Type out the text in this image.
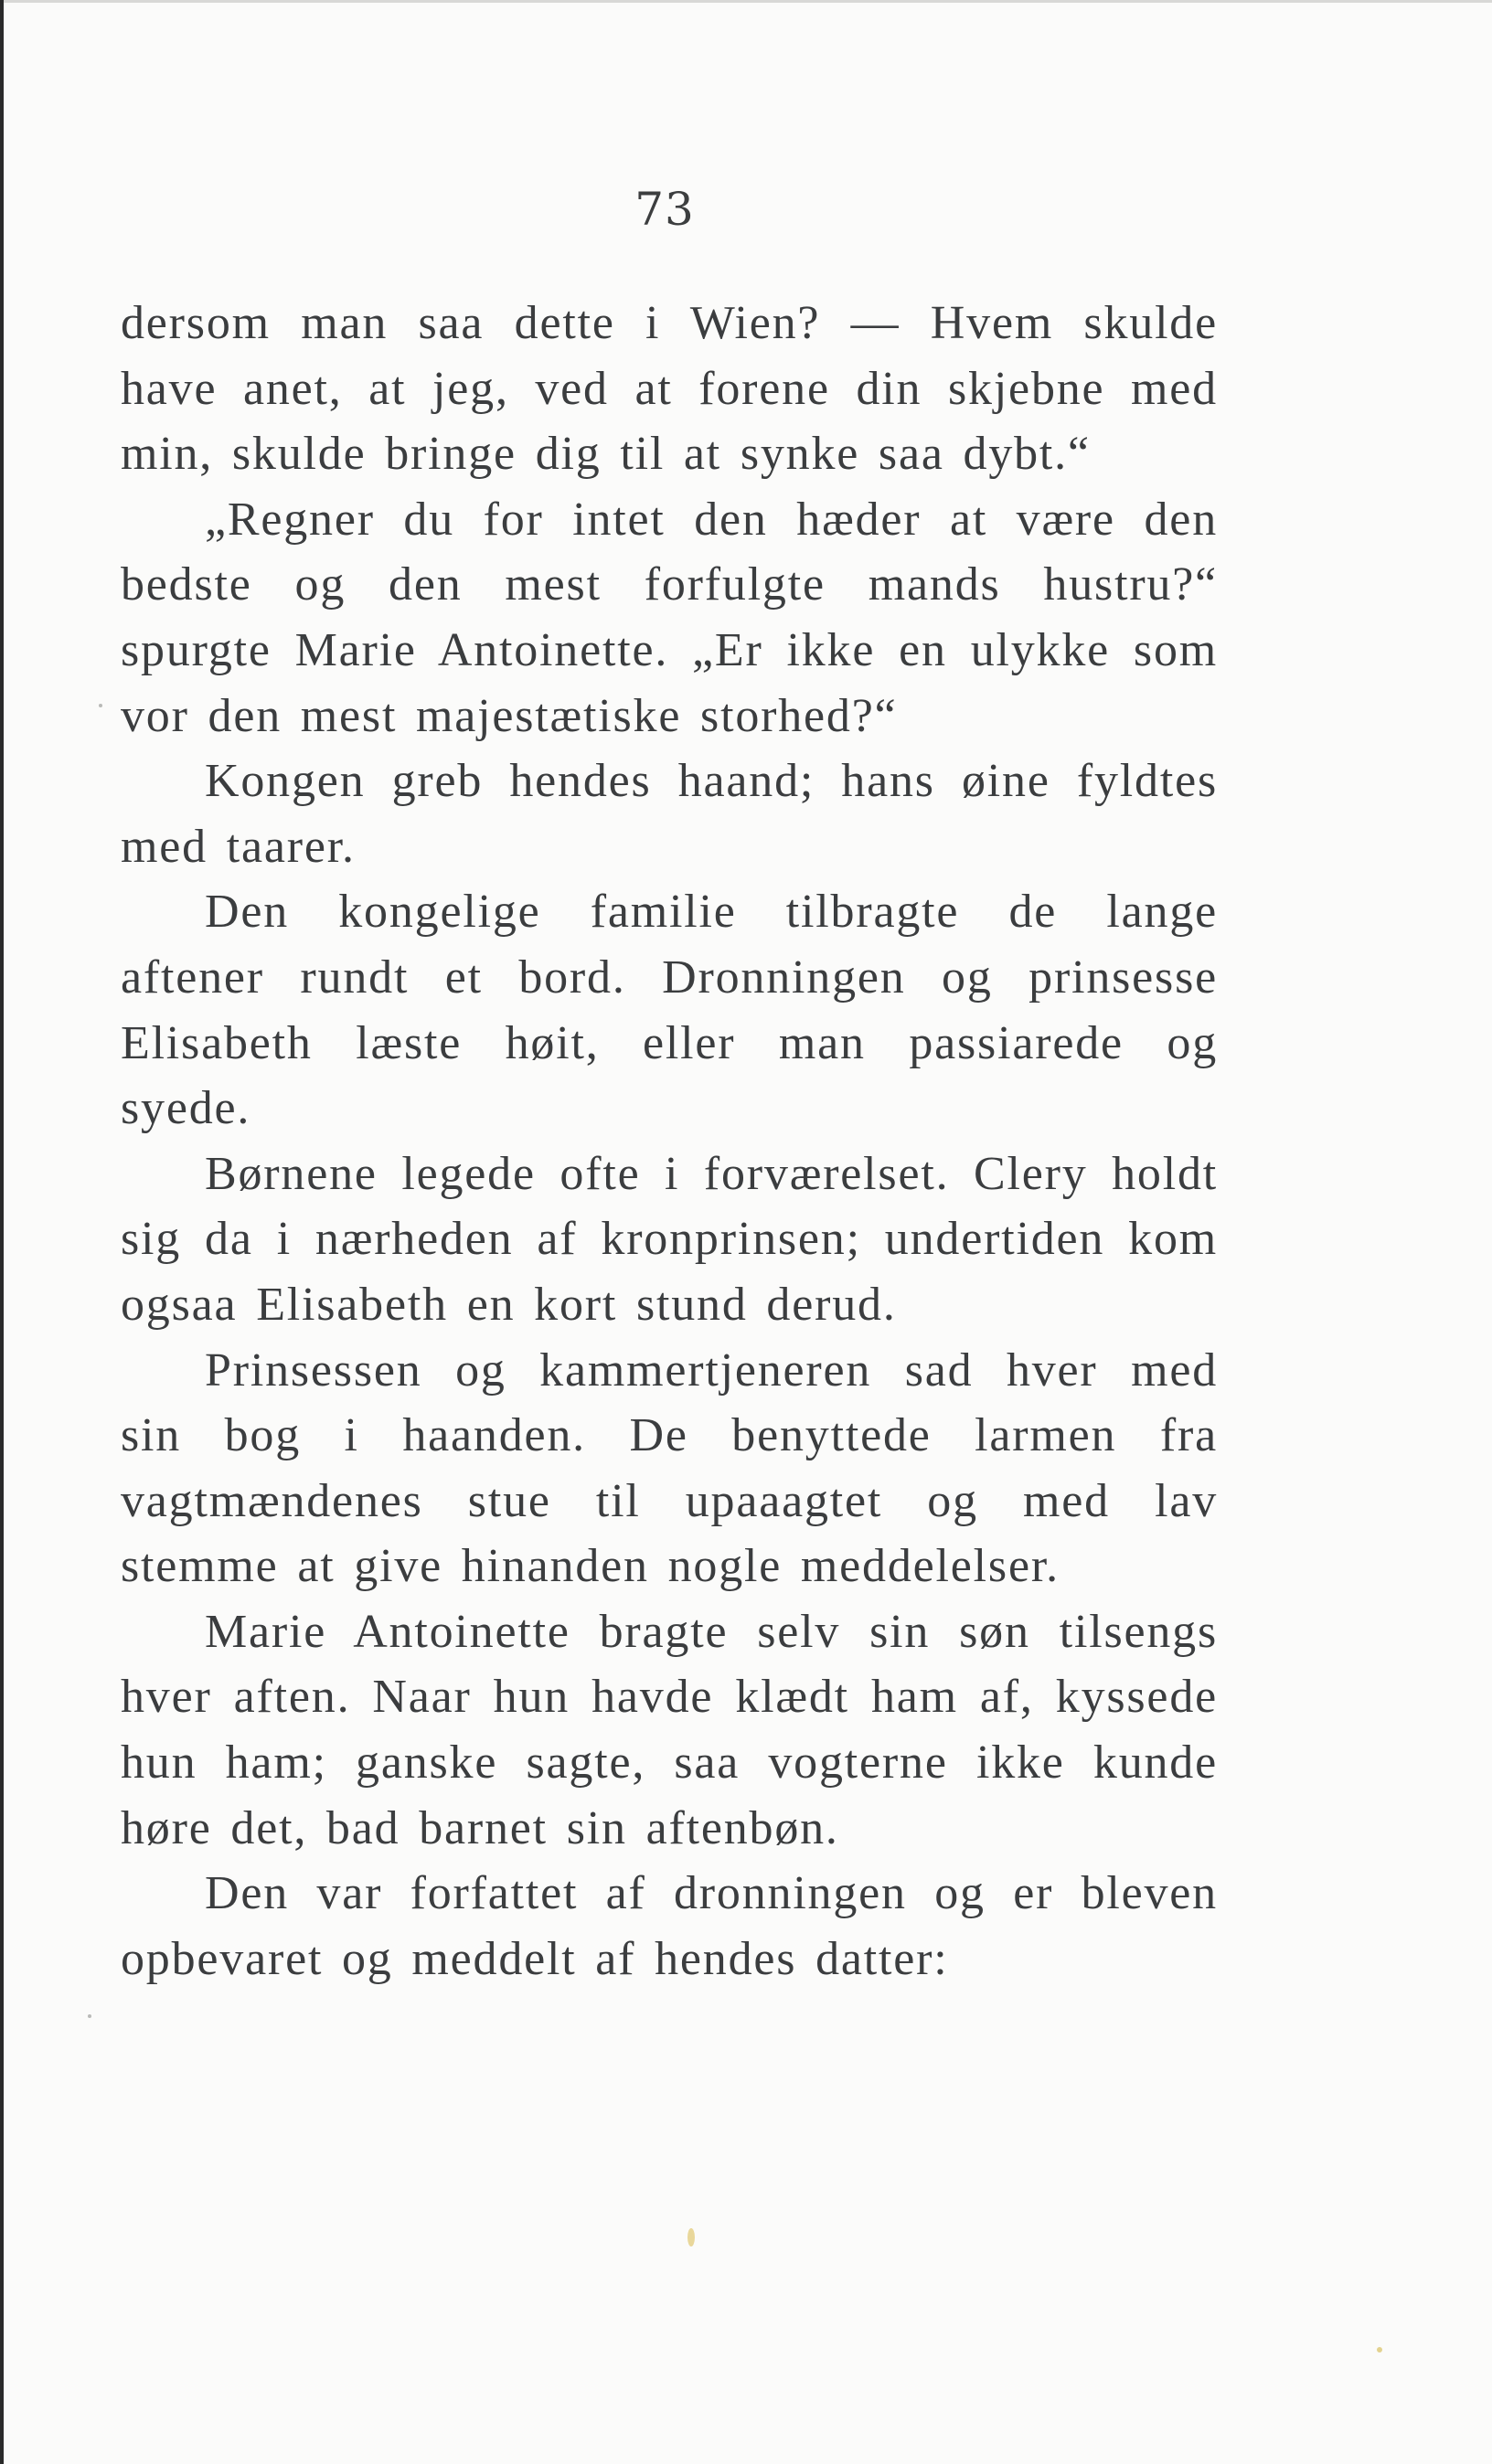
73

dersom man saa dette i Wien? — Hvem skulde have anet, at jeg, ved at forene din skjebne med min, skulde bringe dig til at synke saa dybt.“

„Regner du for intet den hæder at være den bedste og den mest forfulgte mands hustru?“ spurgte Marie Antoinette. „Er ikke en ulykke som vor den mest majestætiske storhed?“

Kongen greb hendes haand; hans øine fyldtes med taarer.

Den kongelige familie tilbragte de lange aftener rundt et bord. Dronningen og prinsesse Elisabeth læste høit, eller man passiarede og syede.

Børnene legede ofte i forværelset. Clery holdt sig da i nærheden af kronprinsen; undertiden kom ogsaa Elisabeth en kort stund derud.

Prinsessen og kammertjeneren sad hver med sin bog i haanden. De benyttede larmen fra vagtmændenes stue til upaaagtet og med lav stemme at give hinanden nogle meddelelser.

Marie Antoinette bragte selv sin søn tilsengs hver aften. Naar hun havde klædt ham af, kyssede hun ham; ganske sagte, saa vogterne ikke kunde høre det, bad barnet sin aftenbøn.

Den var forfattet af dronningen og er bleven opbevaret og meddelt af hendes datter:
